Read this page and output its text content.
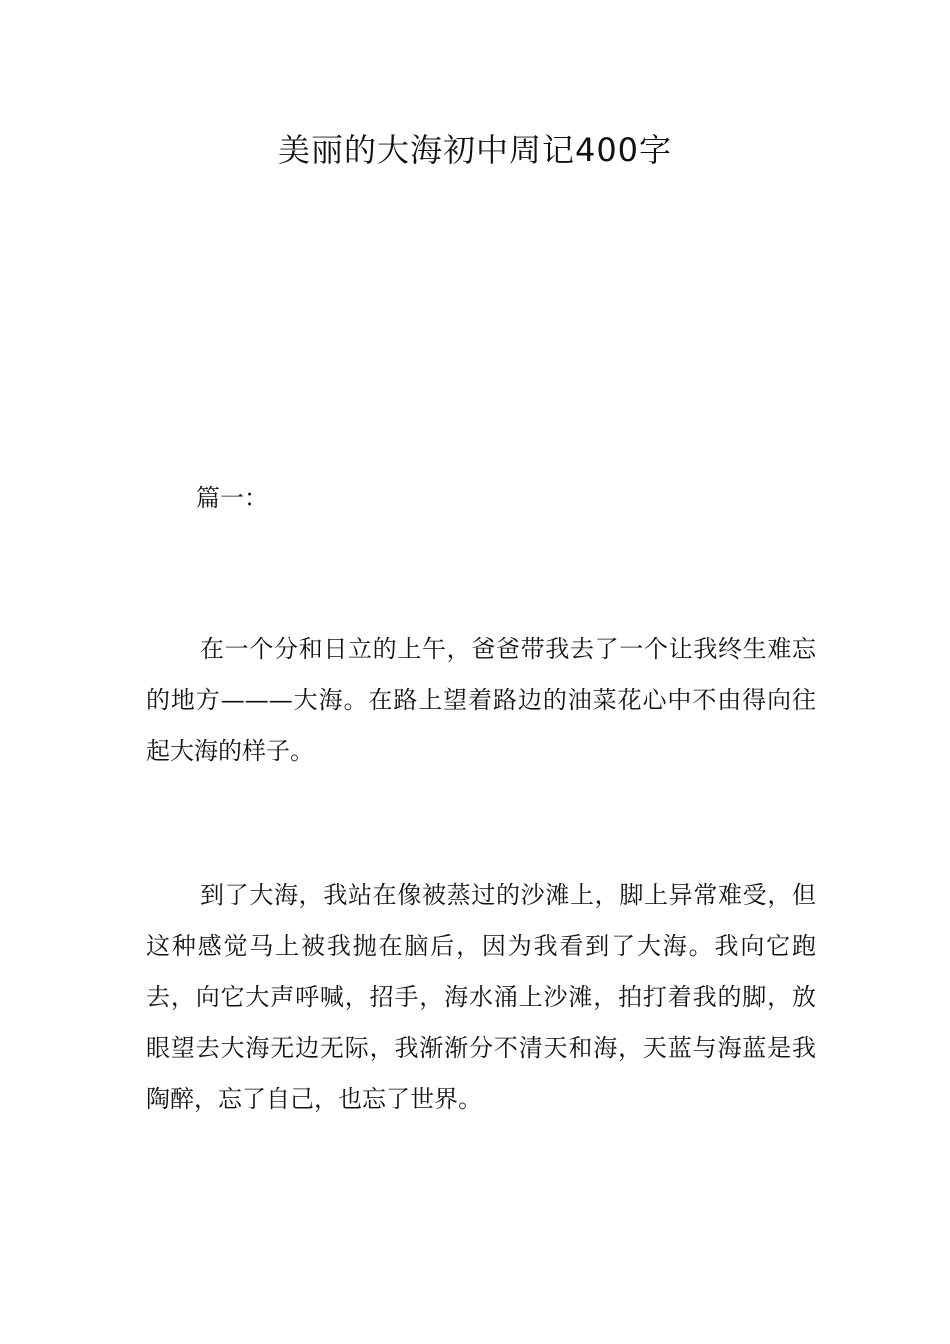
美丽的大海初中周记400字

篇一：

在一个分和日立的上午，爸爸带我去了一个让我终生难忘的地方———大海。在路上望着路边的油菜花心中不由得向往起大海的样子。

到了大海，我站在像被蒸过的沙滩上，脚上异常难受，但这种感觉马上被我抛在脑后，因为我看到了大海。我向它跑去，向它大声呼喊，招手，海水涌上沙滩，拍打着我的脚，放眼望去大海无边无际，我渐渐分不清天和海，天蓝与海蓝是我陶醉，忘了自己，也忘了世界。
